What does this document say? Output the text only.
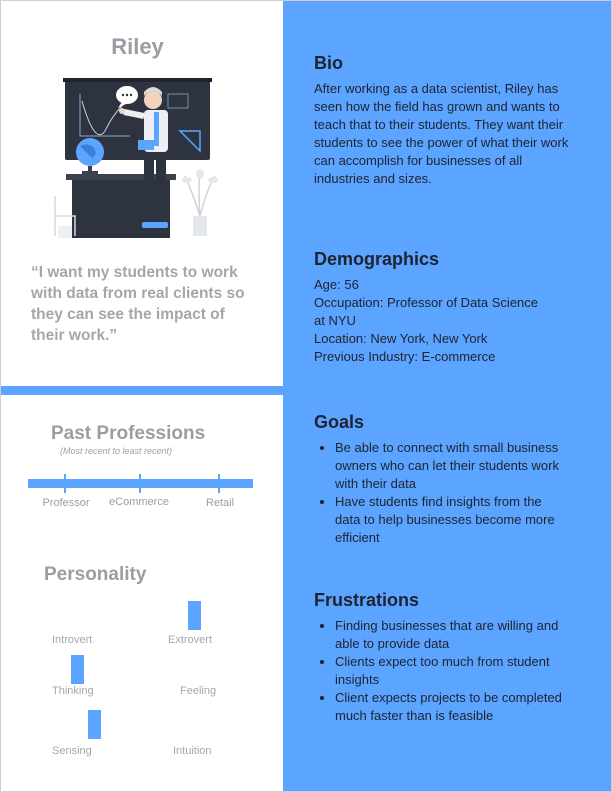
Riley
“I want my students to work with data from real clients so they can see the impact of their work.”
Past Professions
(Most recent to least recent)
Professor	eCommerce	Retail
Personality
Introvert	Extrovert
Thinking	Feeling
Sensing	Intuition
Bio
After working as a data scientist, Riley has seen how the field has grown and wants to teach that to their students. They want their students to see the power of what their work can accomplish for businesses of all industries and sizes.
Demographics
Age: 56
Occupation: Professor of Data Science at NYU
Location: New York, New York
Previous Industry: E-commerce
Goals
• Be able to connect with small business owners who can let their students work with their data
• Have students find insights from the data to help businesses become more efficient
Frustrations
• Finding businesses that are willing and able to provide data
• Clients expect too much from student insights
• Client expects projects to be completed much faster than is feasible
